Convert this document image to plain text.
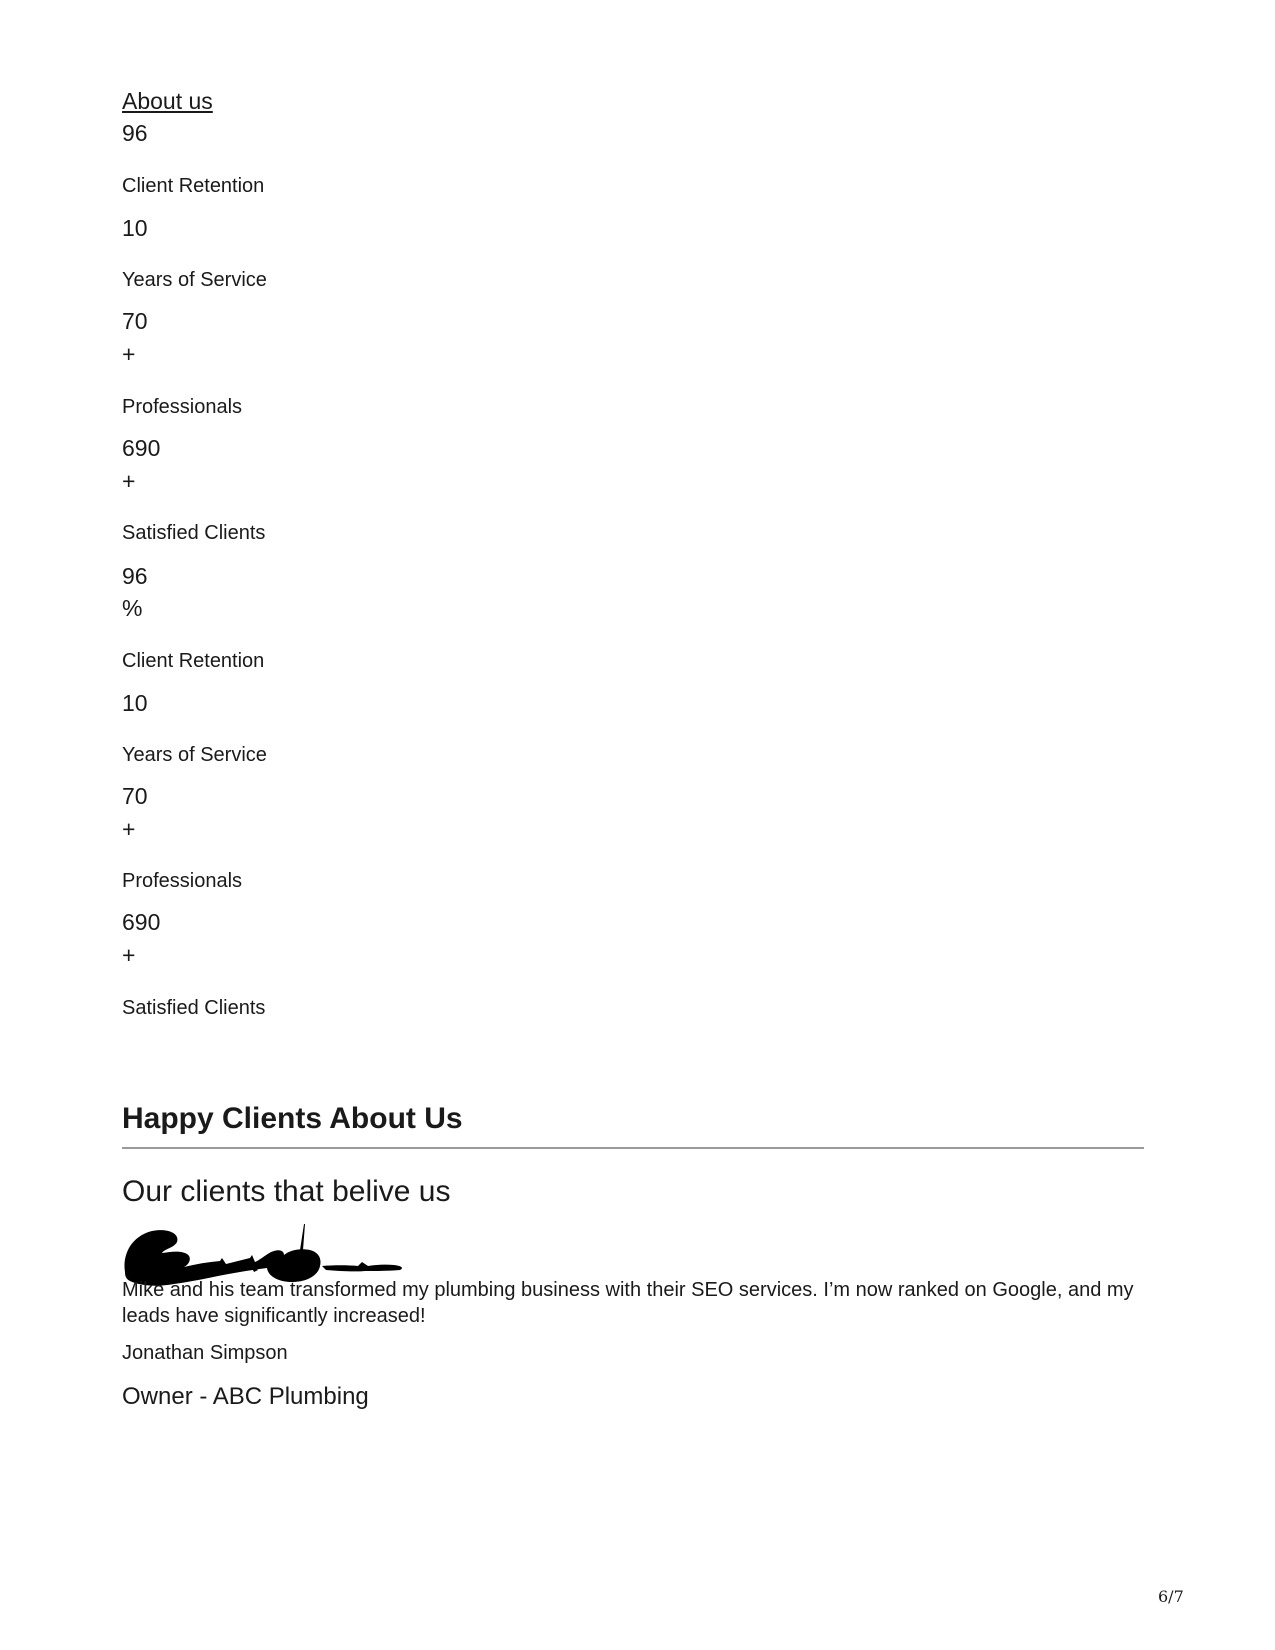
About us
96
Client Retention
10
Years of Service
70
+
Professionals
690
+
Satisfied Clients
96
%
Client Retention
10
Years of Service
70
+
Professionals
690
+
Satisfied Clients
Happy Clients About Us
Our clients that belive us
Mike and his team transformed my plumbing business with their SEO services. I’m now ranked on Google, and my leads have significantly increased!
Jonathan Simpson
Owner - ABC Plumbing
6/7
